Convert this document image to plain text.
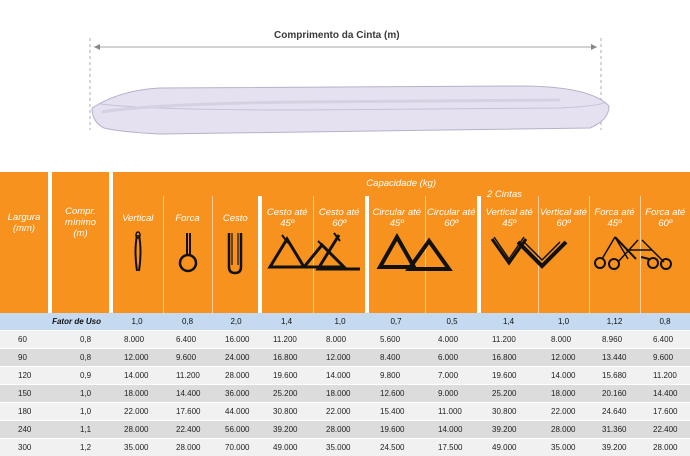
Comprimento da Cinta (m)
Largura (mm)	Compr. mínimo (m)	Capacidade (kg)										

		Vertical	Forca	Cesto	Cesto até 45º	Cesto até 60º	Circular até 45º	Circular até 60º	Vertical até 45º	Vertical até 60º	Forca até 45º	Forca até 60º

Fator de Uso		1,0	0,8	2,0	1,4	1,0	0,7	0,5	1,4	1,0	1,12	0,8
60	0,8	8.000	6.400	16.000	11.200	8.000	5.600	4.000	11.200	8.000	8.960	6.400
90	0,8	12.000	9.600	24.000	16.800	12.000	8.400	6.000	16.800	12.000	13.440	9.600
120	0,9	14.000	11.200	28.000	19.600	14.000	9.800	7.000	19.600	14.000	15.680	11.200
150	1,0	18.000	14.400	36.000	25.200	18.000	12.600	9.000	25.200	18.000	20.160	14.400
180	1,0	22.000	17.600	44.000	30.800	22.000	15.400	11.000	30.800	22.000	24.640	17.600
240	1,1	28.000	22.400	56.000	39.200	28.000	19.600	14.000	39.200	28.000	31.360	22.400
300	1,2	35.000	28.000	70.000	49.000	35.000	24.500	17.500	49.000	35.000	39.200	28.000
2 Cintas
